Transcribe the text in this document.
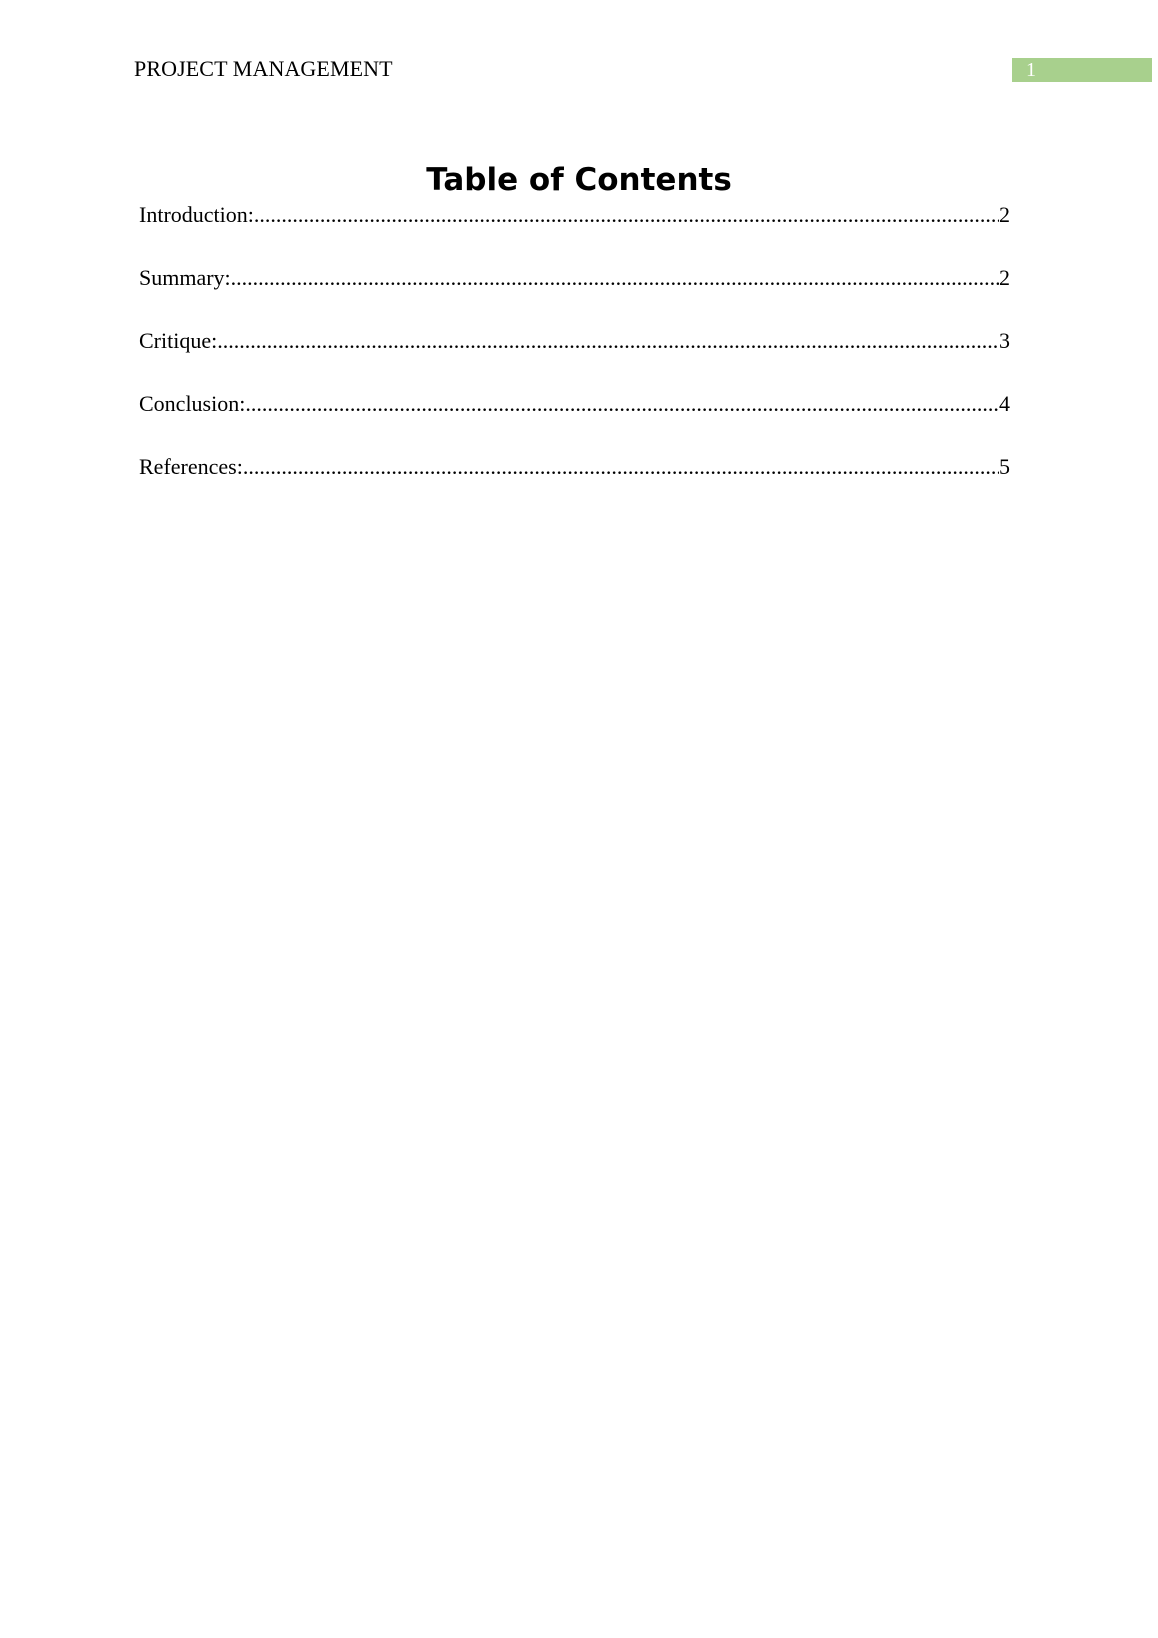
PROJECT MANAGEMENT	1
Table of Contents
Introduction: .....	2
Summary: .....	2
Critique: .....	3
Conclusion: .....	4
References: .....	5
